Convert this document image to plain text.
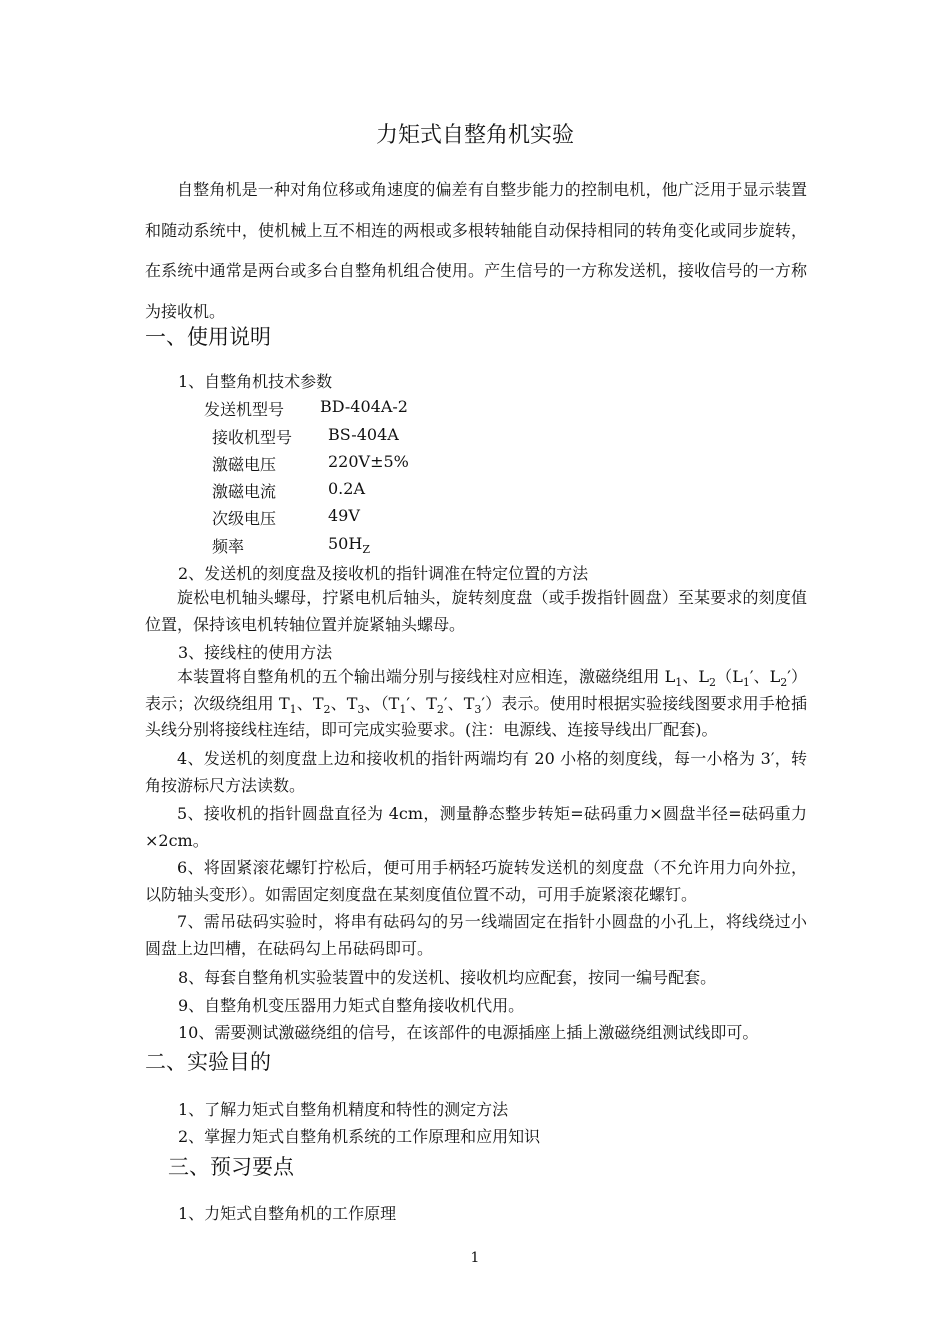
力矩式自整角机实验

自整角机是一种对角位移或角速度的偏差有自整步能力的控制电机，他广泛用于显示装置和随动系统中，使机械上互不相连的两根或多根转轴能自动保持相同的转角变化或同步旋转，在系统中通常是两台或多台自整角机组合使用。产生信号的一方称发送机，接收信号的一方称为接收机。

一、使用说明
1、自整角机技术参数
发送机型号 BD-404A-2
接收机型号 BS-404A
激磁电压	220V±5%
激磁电流	0.2A
次级电压	49V
频率	$50H_Z$
2、发送机的刻度盘及接收机的指针调准在特定位置的方法

旋松电机轴头螺母，拧紧电机后轴头，旋转刻度盘（或手拨指针圆盘）至某要求的刻度值位置，保持该电机转轴位置并旋紧轴头螺母。

3、接线柱的使用方法

本装置将自整角机的五个输出端分别与接线柱对应相连，激磁绕组用 $L_1$、$L_2(L_1'$、$L_2'$）表示；次级绕组用 $T_1$、$T_2$、$T_3$、（$T_1'$、$T_2'$、$T_3'$）表示。使用时根据实验接线图要求用手枪插头线分别将接线柱连结，即可完成实验要求。(注：电源线、连接导线出厂配套)。

4、发送机的刻度盘上边和接收机的指针两端均有 20 小格的刻度线，每一小格为 3′，转角按游标尺方法读数。

5、接收机的指针圆盘直径为 4cm，测量静态整步转矩=砝码重力×圆盘半径=砝码重力×2cm。

6、将固紧滚花螺钉拧松后，便可用手柄轻巧旋转发送机的刻度盘（不允许用力向外拉，以防轴头变形）。如需固定刻度盘在某刻度值位置不动，可用手旋紧滚花螺钉。

7、需吊砝码实验时，将串有砝码勾的另一线端固定在指针小圆盘的小孔上，将线绕过小圆盘上边凹槽，在砝码勾上吊砝码即可。

8、每套自整角机实验装置中的发送机、接收机均应配套，按同一编号配套。
9、自整角机变压器用力矩式自整角接收机代用。
10、需要测试激磁绕组的信号，在该部件的电源插座上插上激磁绕组测试线即可。
二、实验目的
1、了解力矩式自整角机精度和特性的测定方法
2、掌握力矩式自整角机系统的工作原理和应用知识
三、预习要点
1、力矩式自整角机的工作原理
1
